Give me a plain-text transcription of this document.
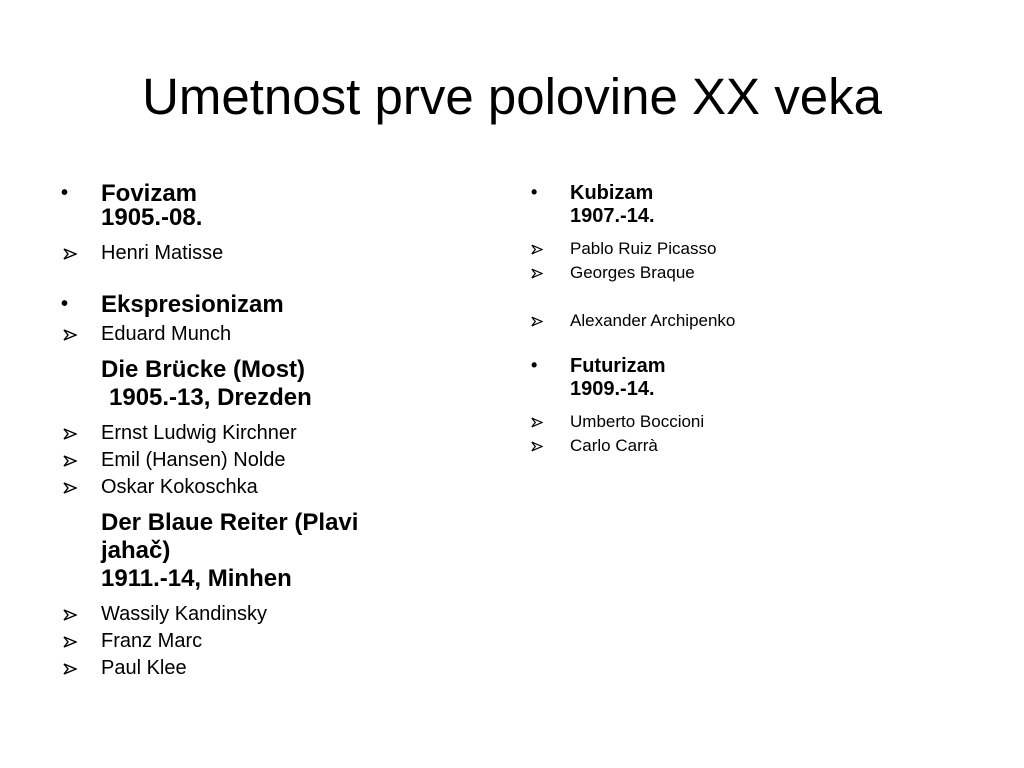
Umetnost prve polovine XX veka
• Fovizam
1905.-08.
Henri Matisse
• Ekspresionizam
Eduard Munch
Die Brücke (Most)
1905.-13, Drezden
Ernst Ludwig Kirchner
Emil (Hansen) Nolde
Oskar Kokoschka
Der Blaue Reiter (Plavi
jahač)
1911.-14, Minhen
Wassily Kandinsky
Franz Marc
Paul Klee
• Kubizam
1907.-14.
Pablo Ruiz Picasso
Georges Braque
Alexander Archipenko
• Futurizam
1909.-14.
Umberto Boccioni
Carlo Carrà
